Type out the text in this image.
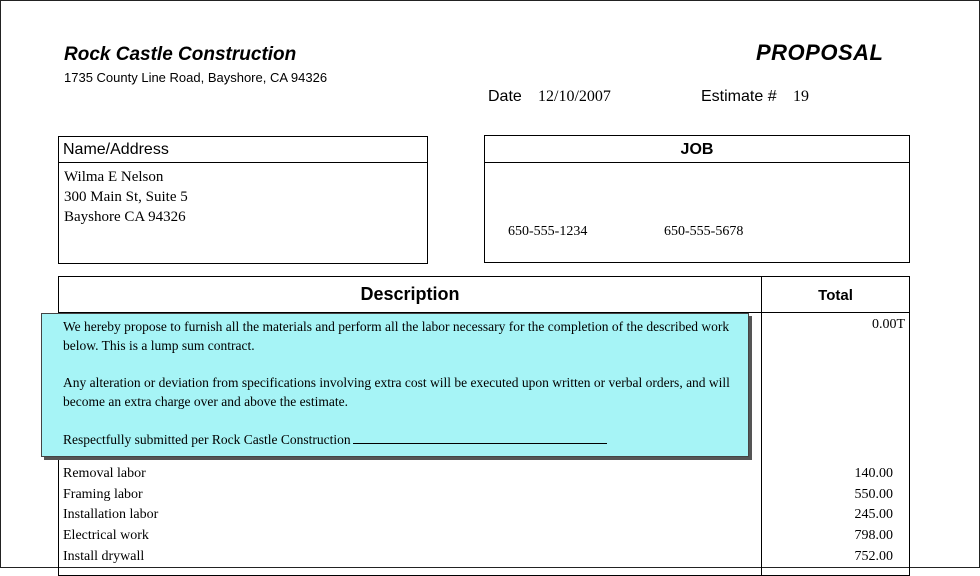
Rock Castle Construction
1735 County Line Road, Bayshore, CA 94326
PROPOSAL
Date 12/10/2007	Estimate # 19
Name/Address
Wilma E Nelson
300 Main St, Suite 5
Bayshore CA 94326
JOB
650-555-1234	650-555-5678
Description	Total
0.00T
Removal labor	140.00
Framing labor	550.00
Installation labor	245.00
Electrical work	798.00
Install drywall	752.00

We hereby propose to furnish all the materials and perform all the labor necessary for the completion of the described work below. This is a lump sum contract.

Any alteration or deviation from specifications involving extra cost will be executed upon written or verbal orders, and will become an extra charge over and above the estimate.

Respectfully submitted per Rock Castle Construction
